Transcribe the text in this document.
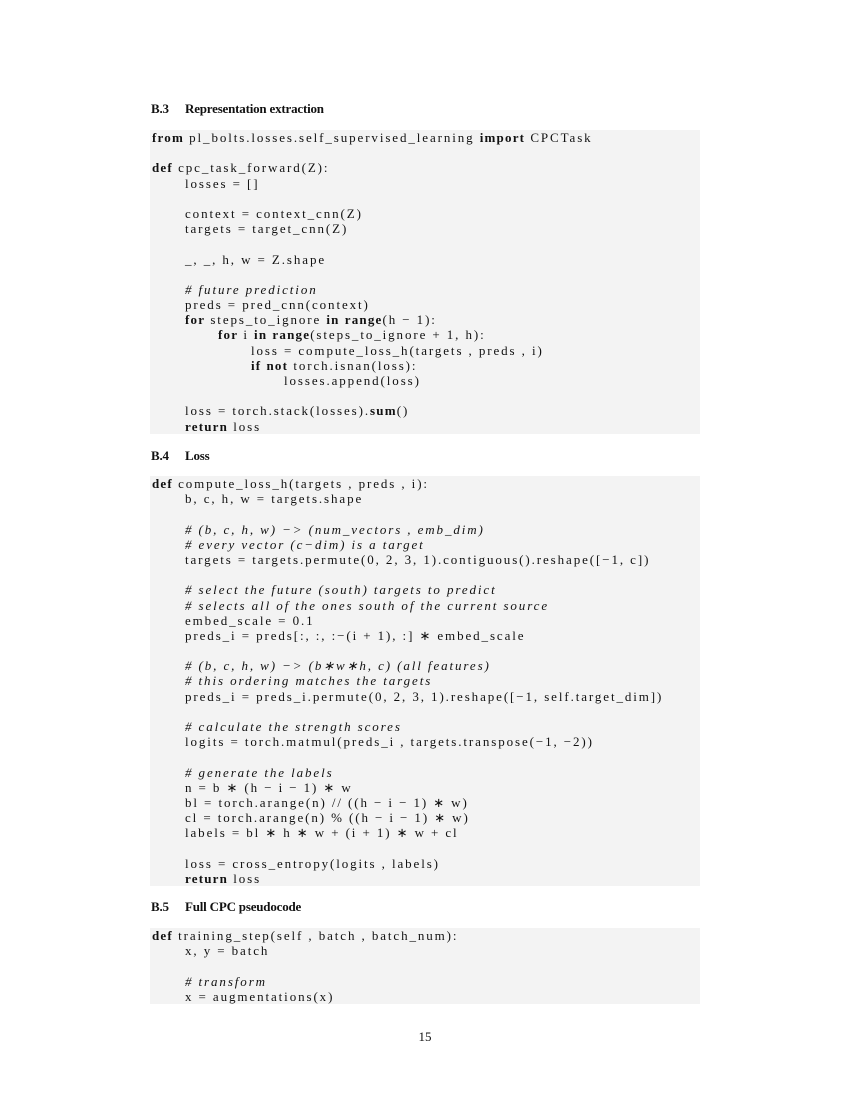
B.3 Representation extraction
from pl_bolts.losses.self_supervised_learning import CPCTask
def cpc_task_forward(Z):
losses = []
context = context_cnn(Z)
targets = target_cnn(Z)
_, _, h, w = Z.shape
# future prediction
preds = pred_cnn(context)
for steps_to_ignore in range(h − 1):
for i in range(steps_to_ignore + 1, h):
loss = compute_loss_h(targets , preds , i)
if not torch.isnan(loss):
losses.append(loss)
loss = torch.stack(losses).sum()
return loss
B.4 Loss
def compute_loss_h(targets , preds , i):
b, c, h, w = targets.shape
# (b, c, h, w) −> (num_vectors , emb_dim)
# every vector (c−dim) is a target
targets = targets.permute(0, 2, 3, 1).contiguous().reshape([−1, c])
# select the future (south) targets to predict
# selects all of the ones south of the current source
embed_scale = 0.1
preds_i = preds[:, :, :−(i + 1), :] ∗ embed_scale
# (b, c, h, w) −> (b∗w∗h, c) (all features)
# this ordering matches the targets
preds_i = preds_i.permute(0, 2, 3, 1).reshape([−1, self.target_dim])
# calculate the strength scores
logits = torch.matmul(preds_i , targets.transpose(−1, −2))
# generate the labels
n = b ∗ (h − i − 1) ∗ w
bl = torch.arange(n) // ((h − i − 1) ∗ w)
cl = torch.arange(n) % ((h − i − 1) ∗ w)
labels = bl ∗ h ∗ w + (i + 1) ∗ w + cl
loss = cross_entropy(logits , labels)
return loss
B.5 Full CPC pseudocode
def training_step(self , batch , batch_num):
x, y = batch
# transform
x = augmentations(x)
15
